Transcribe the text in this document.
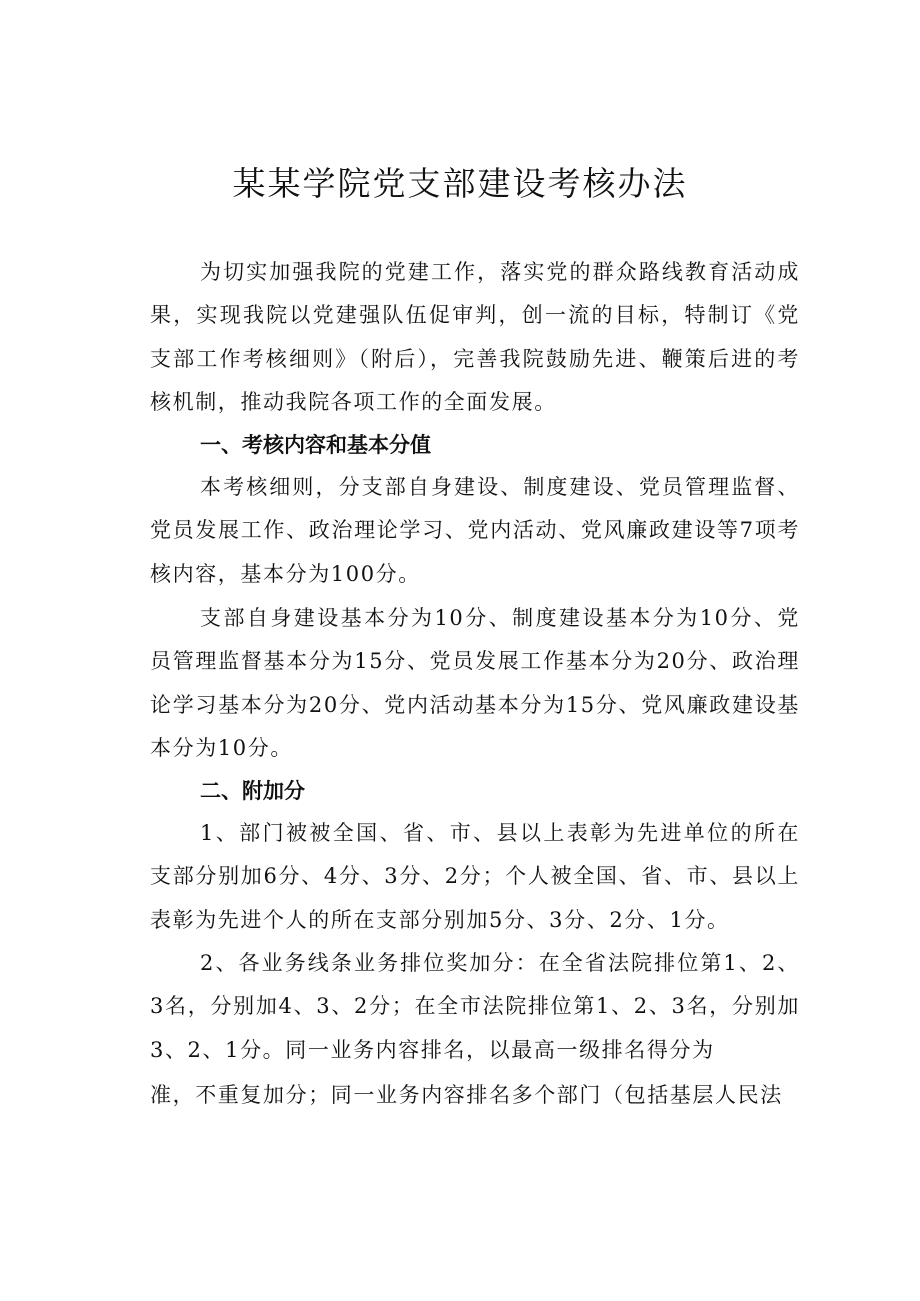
某某学院党支部建设考核办法

为切实加强我院的党建工作，落实党的群众路线教育活动成果，实现我院以党建强队伍促审判，创一流的目标，特制订《党支部工作考核细则》（附后），完善我院鼓励先进、鞭策后进的考核机制，推动我院各项工作的全面发展。

一、考核内容和基本分值

本考核细则，分支部自身建设、制度建设、党员管理监督、党员发展工作、政治理论学习、党内活动、党风廉政建设等7项考核内容，基本分为100分。

支部自身建设基本分为10分、制度建设基本分为10分、党员管理监督基本分为15分、党员发展工作基本分为20分、政治理论学习基本分为20分、党内活动基本分为15分、党风廉政建设基本分为10分。

二、附加分

1、部门被被全国、省、市、县以上表彰为先进单位的所在支部分别加6分、4分、3分、2分；个人被全国、省、市、县以上表彰为先进个人的所在支部分别加5分、3分、2分、1分。

2、各业务线条业务排位奖加分：在全省法院排位第1、2、3名，分别加4、3、2分；在全市法院排位第1、2、3名，分别加3、2、1分。同一业务内容排名，以最高一级排名得分为

准，不重复加分；同一业务内容排名多个部门（包括基层人民法
